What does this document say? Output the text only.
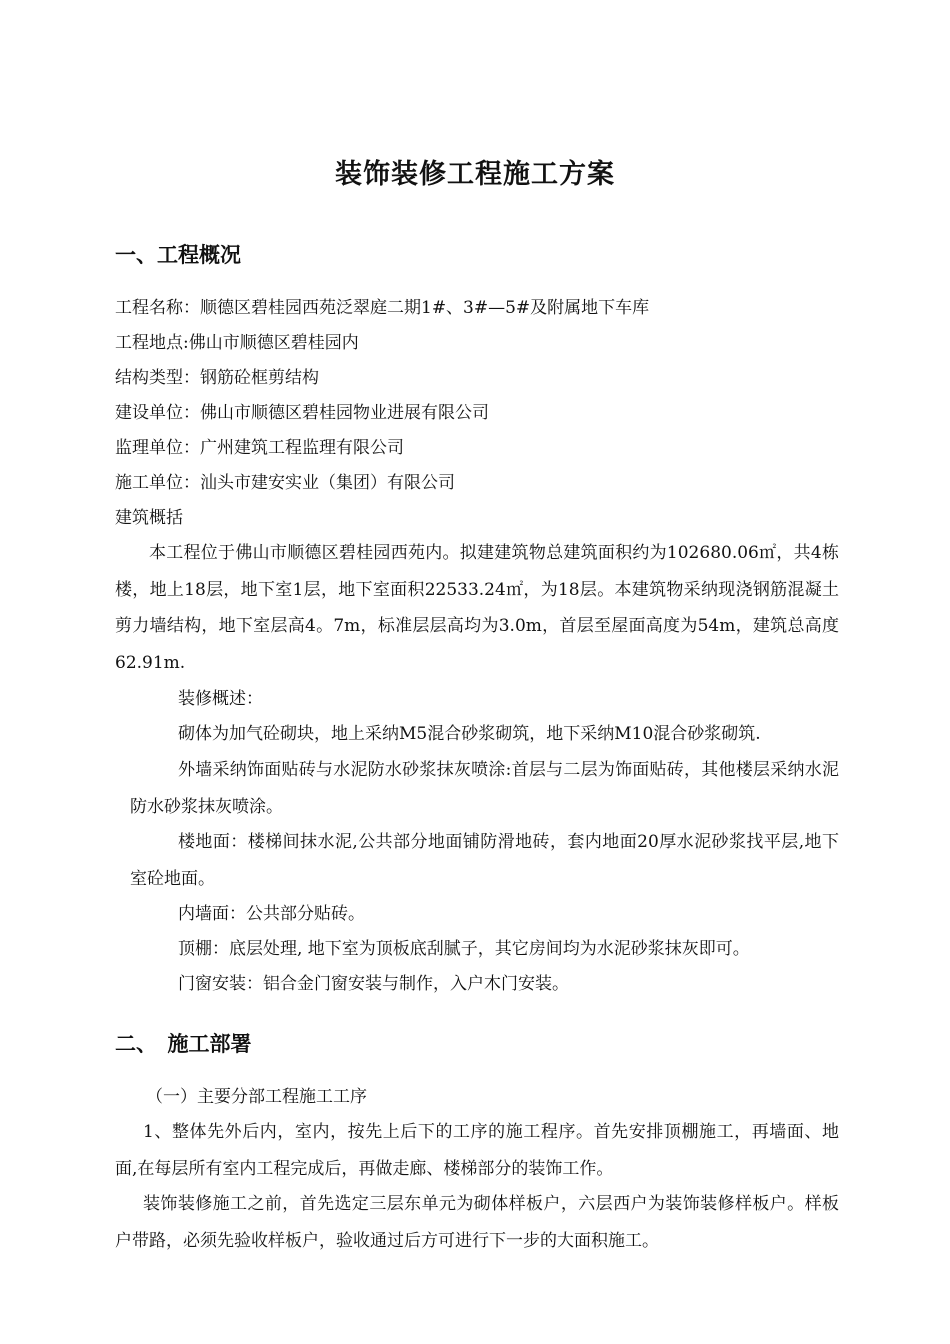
装饰装修工程施工方案
一、工程概况
工程名称：顺德区碧桂园西苑泛翠庭二期1#、3#—5#及附属地下车库
工程地点:佛山市顺德区碧桂园内
结构类型：钢筋砼框剪结构
建设单位：佛山市顺德区碧桂园物业进展有限公司
监理单位：广州建筑工程监理有限公司
施工单位：汕头市建安实业（集团）有限公司
建筑概括
本工程位于佛山市顺德区碧桂园西苑内。拟建建筑物总建筑面积约为102680.06㎡，共4栋楼，地上18层，地下室1层，地下室面积22533.24㎡，为18层。本建筑物采纳现浇钢筋混凝土剪力墙结构，地下室层高4。7m，标准层层高均为3.0m，首层至屋面高度为54m，建筑总高度62.91m.
装修概述：
砌体为加气砼砌块，地上采纳M5混合砂浆砌筑，地下采纳M10混合砂浆砌筑.
外墙采纳饰面贴砖与水泥防水砂浆抹灰喷涂:首层与二层为饰面贴砖，其他楼层采纳水泥防水砂浆抹灰喷涂。
楼地面：楼梯间抹水泥,公共部分地面铺防滑地砖，套内地面20厚水泥砂浆找平层,地下室砼地面。
内墙面：公共部分贴砖。
顶棚：底层处理, 地下室为顶板底刮腻子，其它房间均为水泥砂浆抹灰即可。
门窗安装：铝合金门窗安装与制作，入户木门安装。
二、　施工部署
（一）主要分部工程施工工序
1、整体先外后内，室内，按先上后下的工序的施工程序。首先安排顶棚施工，再墙面、地面,在每层所有室内工程完成后，再做走廊、楼梯部分的装饰工作。
装饰装修施工之前，首先选定三层东单元为砌体样板户，六层西户为装饰装修样板户。样板户带路，必须先验收样板户，验收通过后方可进行下一步的大面积施工。
